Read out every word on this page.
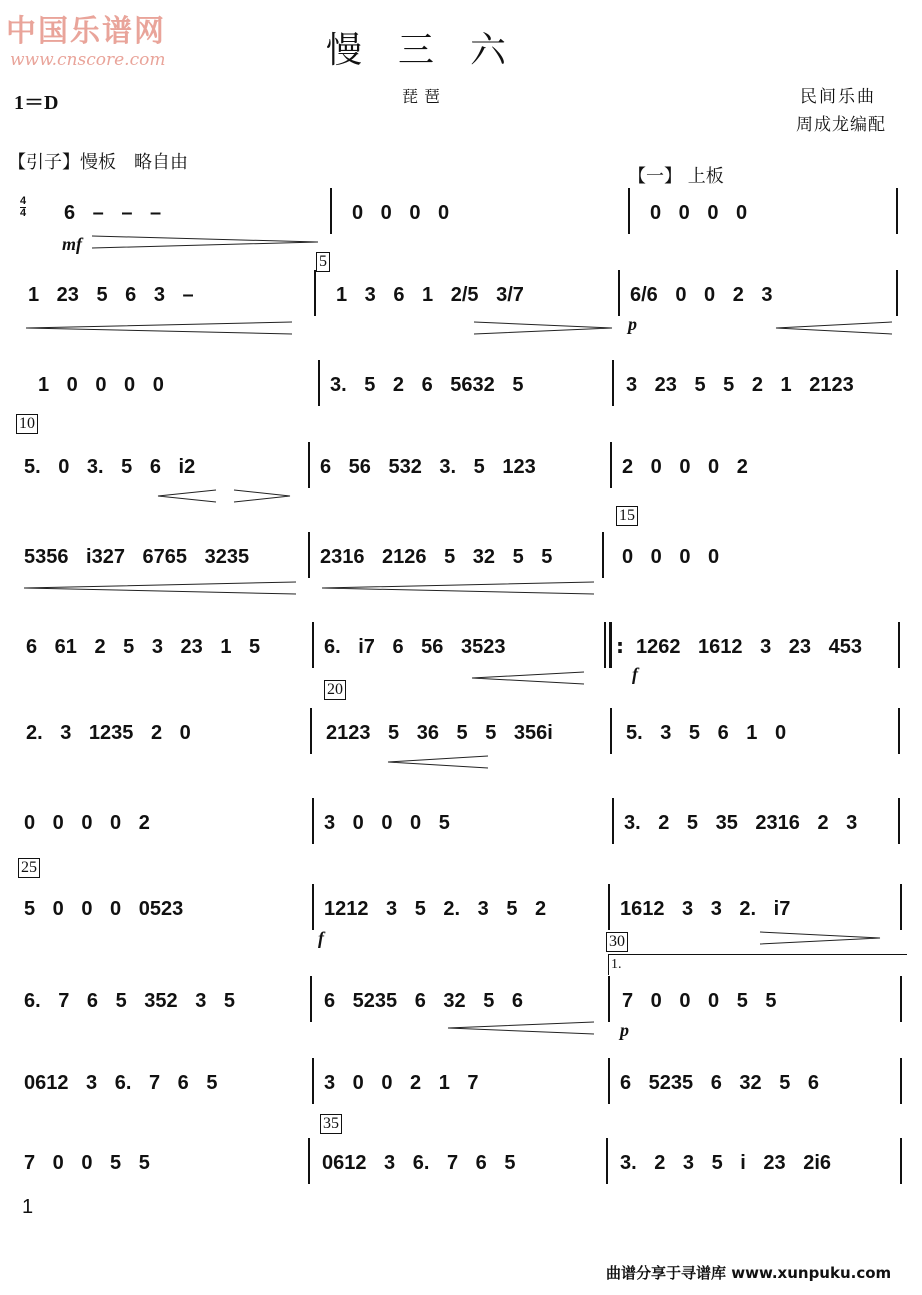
中国乐谱网
www.cnscore.com	慢三六
1＝D	琵琶	民间乐曲
周成龙编配
【引子】慢板　略自由
【一】 上板
4
4 6 – – –	0 0 0 0	0 0 0 0
1 23 5 6 3 –	1 3 6 1 2/5 3/7	6/6 0 0 2 3
1 0 0 0 0	3. 5 2 6 5632 5	3 23 5 5 2 1 2123
5. 0 3. 5 6 i2	6 56 532 3. 5 123	2 0 0 0 2
5356 i327 6765 3235	2316 2126 5 32 5 5	0 0 0 0
6 61 2 5 3 23 1 5	6. i7 6 56 3523	: 1262 1612 3 23 453
2. 3 1235 2 0	2123 5 36 5 5 356i	5. 3 5 6 1 0
0 0 0 0 2	3 0 0 0 5	3. 2 5 35 2316 2 3
5 0 0 0 0523	1212 3 5 2. 3 5 2	1612 3 3 2. i7
6. 7 6 5 352 3 5	6 5235 6 32 5 6	7 0 0 0 5 5
0612 3 6. 7 6 5	3 0 0 2 1 7	6 5235 6 32 5 6
7 0 0 5 5	0612 3 6. 7 6 5	3. 2 3 5 i 23 2i6
5
10
15
20
25
30
35
1.
mf
p
f
f
p
1
曲谱分享于寻谱库 www.xunpuku.com
